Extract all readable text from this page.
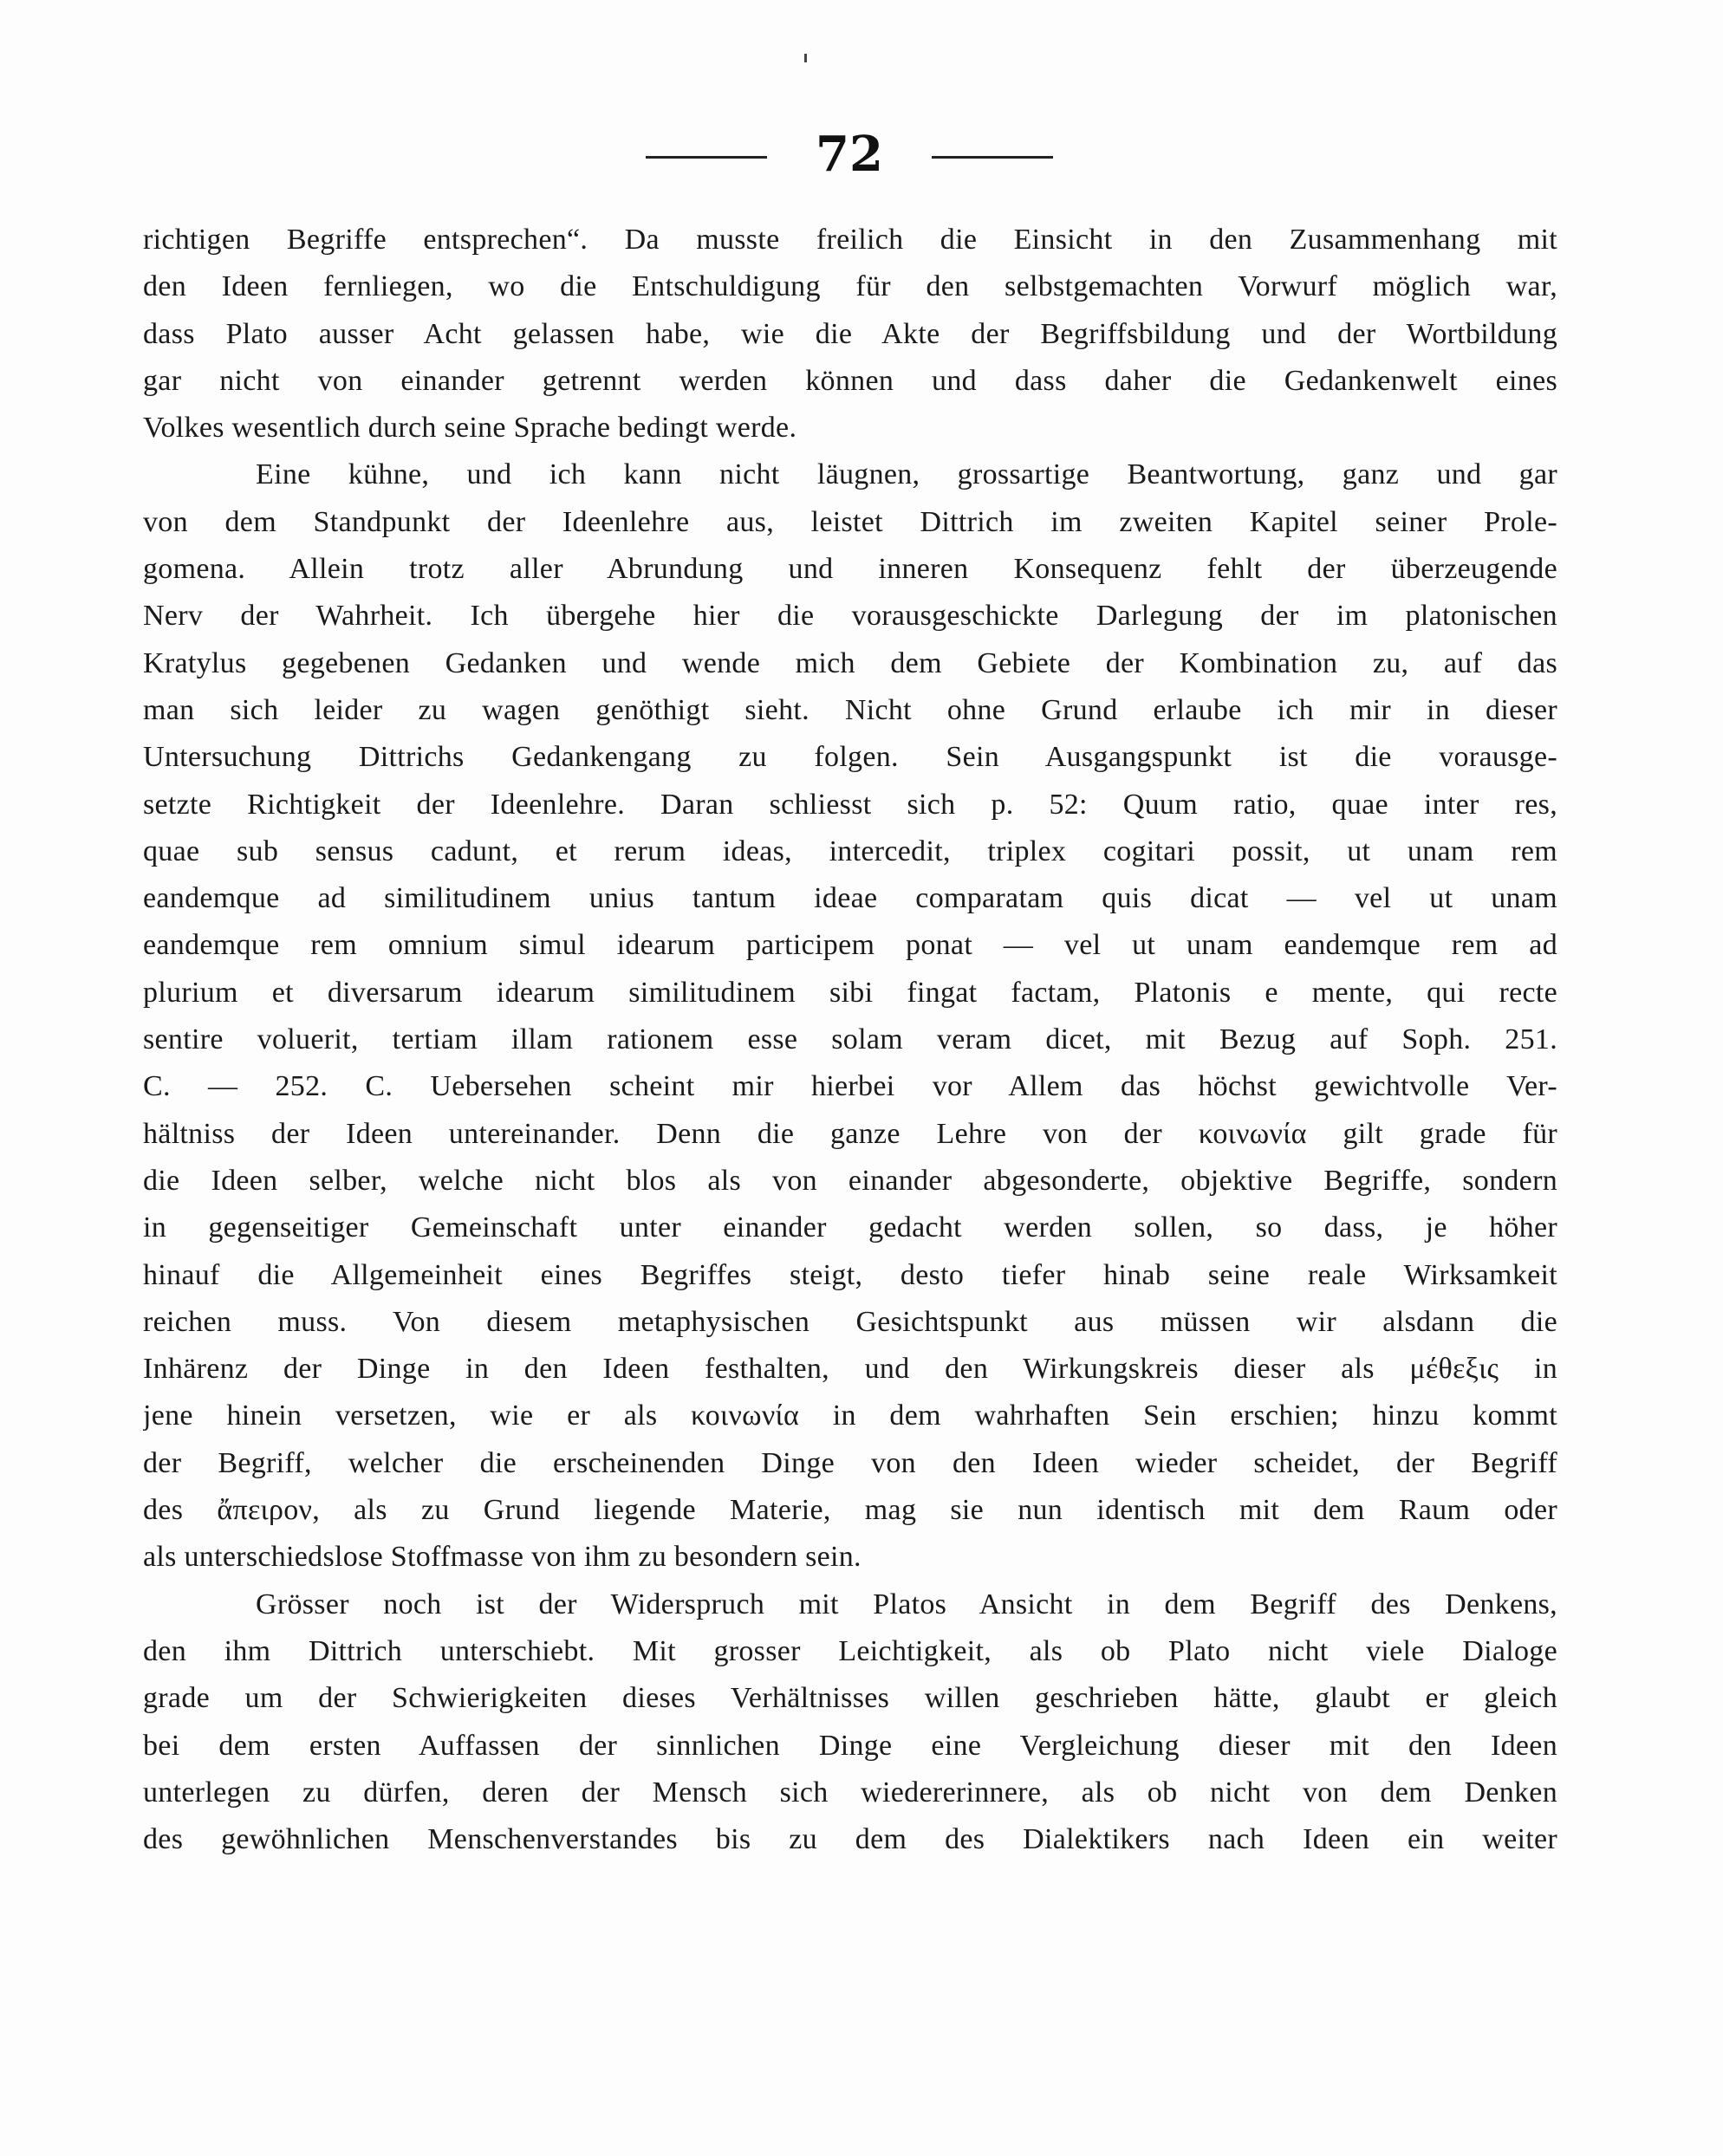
72
richtigen Begriffe entsprechen“. Da musste freilich die Einsicht in den Zusammenhang mit
den Ideen fernliegen, wo die Entschuldigung für den selbstgemachten Vorwurf möglich war,
dass Plato ausser Acht gelassen habe, wie die Akte der Begriffsbildung und der Wortbildung
gar nicht von einander getrennt werden können und dass daher die Gedankenwelt eines
Volkes wesentlich durch seine Sprache bedingt werde.
Eine kühne, und ich kann nicht läugnen, grossartige Beantwortung, ganz und gar
von dem Standpunkt der Ideenlehre aus, leistet Dittrich im zweiten Kapitel seiner Prole-
gomena. Allein trotz aller Abrundung und inneren Konsequenz fehlt der überzeugende
Nerv der Wahrheit. Ich übergehe hier die vorausgeschickte Darlegung der im platonischen
Kratylus gegebenen Gedanken und wende mich dem Gebiete der Kombination zu, auf das
man sich leider zu wagen genöthigt sieht. Nicht ohne Grund erlaube ich mir in dieser
Untersuchung Dittrichs Gedankengang zu folgen. Sein Ausgangspunkt ist die vorausge-
setzte Richtigkeit der Ideenlehre. Daran schliesst sich p. 52: Quum ratio, quae inter res,
quae sub sensus cadunt, et rerum ideas, intercedit, triplex cogitari possit, ut unam rem
eandemque ad similitudinem unius tantum ideae comparatam quis dicat — vel ut unam
eandemque rem omnium simul idearum participem ponat — vel ut unam eandemque rem ad
plurium et diversarum idearum similitudinem sibi fingat factam, Platonis e mente, qui recte
sentire voluerit, tertiam illam rationem esse solam veram dicet, mit Bezug auf Soph. 251.
C. — 252. C. Uebersehen scheint mir hierbei vor Allem das höchst gewichtvolle Ver-
hältniss der Ideen untereinander. Denn die ganze Lehre von der κοινωνία gilt grade für
die Ideen selber, welche nicht blos als von einander abgesonderte, objektive Begriffe, sondern
in gegenseitiger Gemeinschaft unter einander gedacht werden sollen, so dass, je höher
hinauf die Allgemeinheit eines Begriffes steigt, desto tiefer hinab seine reale Wirksamkeit
reichen muss. Von diesem metaphysischen Gesichtspunkt aus müssen wir alsdann die
Inhärenz der Dinge in den Ideen festhalten, und den Wirkungskreis dieser als μέθεξις in
jene hinein versetzen, wie er als κοινωνία in dem wahrhaften Sein erschien; hinzu kommt
der Begriff, welcher die erscheinenden Dinge von den Ideen wieder scheidet, der Begriff
des ἄπειρον, als zu Grund liegende Materie, mag sie nun identisch mit dem Raum oder
als unterschiedslose Stoffmasse von ihm zu besondern sein.
Grösser noch ist der Widerspruch mit Platos Ansicht in dem Begriff des Denkens,
den ihm Dittrich unterschiebt. Mit grosser Leichtigkeit, als ob Plato nicht viele Dialoge
grade um der Schwierigkeiten dieses Verhältnisses willen geschrieben hätte, glaubt er gleich
bei dem ersten Auffassen der sinnlichen Dinge eine Vergleichung dieser mit den Ideen
unterlegen zu dürfen, deren der Mensch sich wiedererinnere, als ob nicht von dem Denken
des gewöhnlichen Menschenverstandes bis zu dem des Dialektikers nach Ideen ein weiter
